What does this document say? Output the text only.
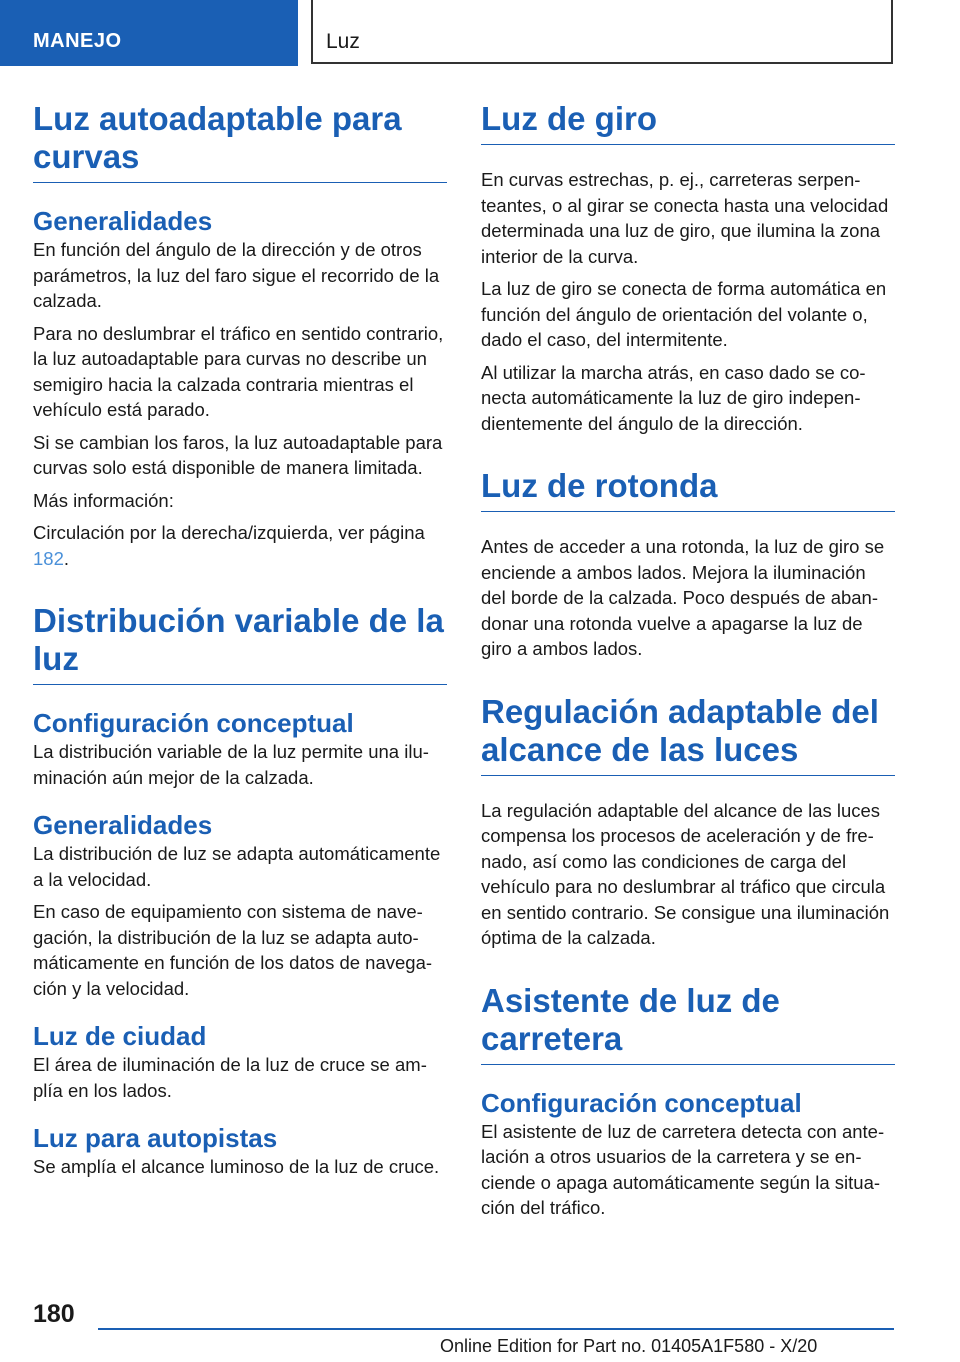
MANEJO	Luz
Luz autoadaptable para curvas
Generalidades

En función del ángulo de la dirección y de otros parámetros, la luz del faro sigue el recorrido de la calzada.

Para no deslumbrar el tráfico en sentido contrario, la luz autoadaptable para curvas no describe un semigiro hacia la calzada contraria mientras el vehículo está parado.

Si se cambian los faros, la luz autoadaptable para curvas solo está disponible de manera limitada.

Más información:

Circulación por la derecha/izquierda, ver página 182.

Distribución variable de la luz
Configuración conceptual

La distribución variable de la luz permite una iluminación aún mejor de la calzada.

Generalidades

La distribución de luz se adapta automáticamente a la velocidad.

En caso de equipamiento con sistema de navegación, la distribución de la luz se adapta automáticamente en función de los datos de navegación y la velocidad.

Luz de ciudad

El área de iluminación de la luz de cruce se amplía en los lados.

Luz para autopistas

Se amplía el alcance luminoso de la luz de cruce.

Luz de giro

En curvas estrechas, p. ej., carreteras serpenteantes, o al girar se conecta hasta una velocidad determinada una luz de giro, que ilumina la zona interior de la curva.

La luz de giro se conecta de forma automática en función del ángulo de orientación del volante o, dado el caso, del intermitente.

Al utilizar la marcha atrás, en caso dado se conecta automáticamente la luz de giro independientemente del ángulo de la dirección.

Luz de rotonda

Antes de acceder a una rotonda, la luz de giro se enciende a ambos lados. Mejora la iluminación del borde de la calzada. Poco después de abandonar una rotonda vuelve a apagarse la luz de giro a ambos lados.

Regulación adaptable del alcance de las luces

La regulación adaptable del alcance de las luces compensa los procesos de aceleración y de frenado, así como las condiciones de carga del vehículo para no deslumbrar al tráfico que circula en sentido contrario. Se consigue una iluminación óptima de la calzada.

Asistente de luz de carretera
Configuración conceptual

El asistente de luz de carretera detecta con antelación a otros usuarios de la carretera y se enciende o apaga automáticamente según la situación del tráfico.

180
Online Edition for Part no. 01405A1F580 - X/20
